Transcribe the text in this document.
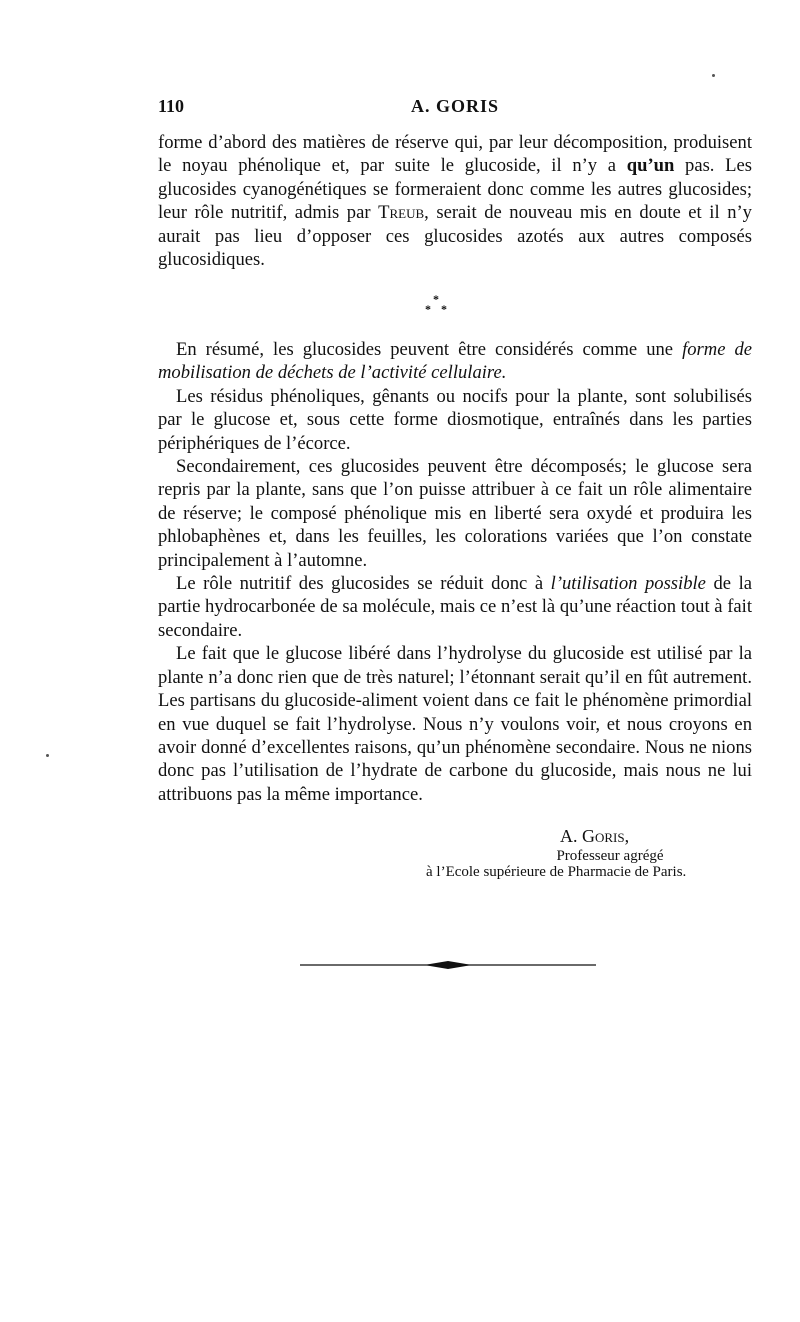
110	A. GORIS

forme d’abord des matières de réserve qui, par leur décomposition, produisent le noyau phénolique et, par suite le glucoside, il n’y a qu’un pas. Les glucosides cyanogénétiques se formeraient donc comme les autres glucosides; leur rôle nutritif, admis par Treub, serait de nouveau mis en doute et il n’y aurait pas lieu d’opposer ces glucosides azotés aux autres composés glucosidiques.

*
* *

En résumé, les glucosides peuvent être considérés comme une forme de mobilisation de déchets de l’activité cellulaire.

Les résidus phénoliques, gênants ou nocifs pour la plante, sont solubilisés par le glucose et, sous cette forme diosmotique, entraînés dans les parties périphériques de l’écorce.

Secondairement, ces glucosides peuvent être décomposés; le glucose sera repris par la plante, sans que l’on puisse attribuer à ce fait un rôle alimentaire de réserve; le composé phénolique mis en liberté sera oxydé et produira les phlobaphènes et, dans les feuilles, les colorations variées que l’on constate principalement à l’automne.

Le rôle nutritif des glucosides se réduit donc à l’utilisation possible de la partie hydrocarbonée de sa molécule, mais ce n’est là qu’une réaction tout à fait secondaire.

Le fait que le glucose libéré dans l’hydrolyse du glucoside est utilisé par la plante n’a donc rien que de très naturel; l’étonnant serait qu’il en fût autrement. Les partisans du glucoside-aliment voient dans ce fait le phénomène primordial en vue duquel se fait l’hydrolyse. Nous n’y voulons voir, et nous croyons en avoir donné d’excellentes raisons, qu’un phénomène secondaire. Nous ne nions donc pas l’utilisation de l’hydrate de carbone du glucoside, mais nous ne lui attribuons pas la même importance.

A. Goris,
Professeur agrégé
à l’Ecole supérieure de Pharmacie de Paris.
